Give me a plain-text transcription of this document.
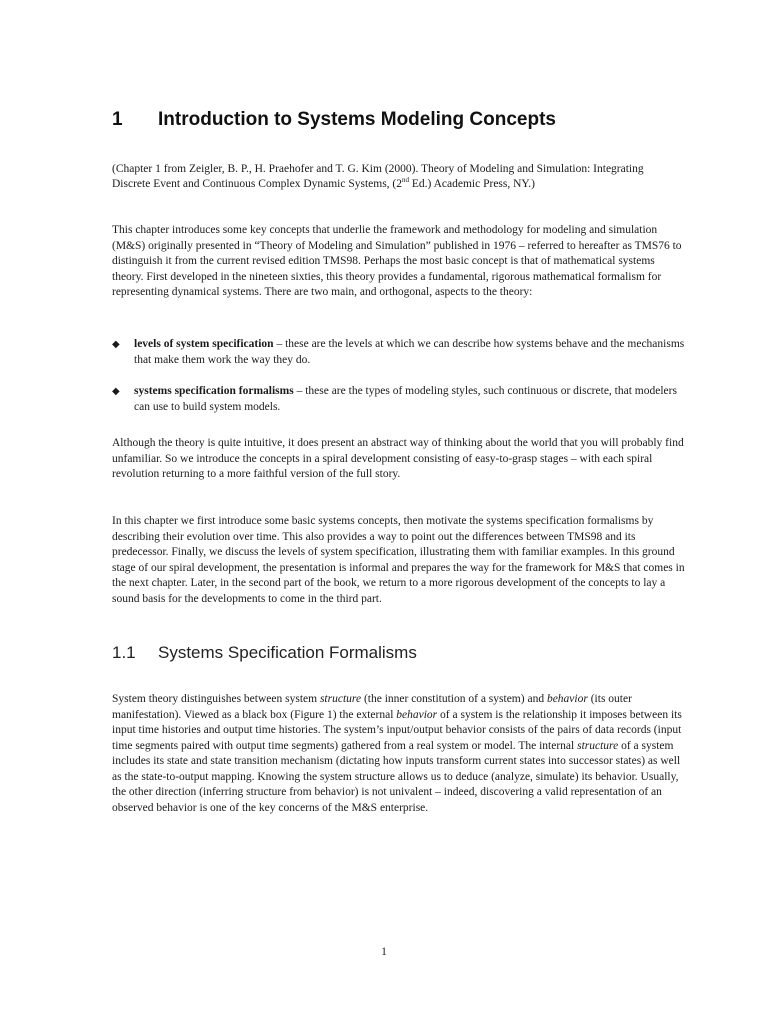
1 Introduction to Systems Modeling Concepts
(Chapter 1 from Zeigler, B. P., H. Praehofer and T. G. Kim (2000). Theory of Modeling and Simulation: Integrating Discrete Event and Continuous Complex Dynamic Systems, (2nd Ed.) Academic Press, NY.)
This chapter introduces some key concepts that underlie the framework and methodology for modeling and simulation (M&S) originally presented in “Theory of Modeling and Simulation” published in 1976 – referred to hereafter as TMS76 to distinguish it from the current revised edition TMS98. Perhaps the most basic concept is that of mathematical systems theory. First developed in the nineteen sixties, this theory provides a fundamental, rigorous mathematical formalism for representing dynamical systems. There are two main, and orthogonal, aspects to the theory:
◆	levels of system specification – these are the levels at which we can describe how systems behave and the mechanisms that make them work the way they do.
◆	systems specification formalisms – these are the types of modeling styles, such continuous or discrete, that modelers can use to build system models.
Although the theory is quite intuitive, it does present an abstract way of thinking about the world that you will probably find unfamiliar. So we introduce the concepts in a spiral development consisting of easy-to-grasp stages – with each spiral revolution returning to a more faithful version of the full story.
In this chapter we first introduce some basic systems concepts, then motivate the systems specification formalisms by describing their evolution over time. This also provides a way to point out the differences between TMS98 and its predecessor. Finally, we discuss the levels of system specification, illustrating them with familiar examples. In this ground stage of our spiral development, the presentation is informal and prepares the way for the framework for M&S that comes in the next chapter. Later, in the second part of the book, we return to a more rigorous development of the concepts to lay a sound basis for the developments to come in the third part.
1.1 Systems Specification Formalisms
System theory distinguishes between system structure (the inner constitution of a system) and behavior (its outer manifestation). Viewed as a black box (Figure 1) the external behavior of a system is the relationship it imposes between its input time histories and output time histories. The system’s input/output behavior consists of the pairs of data records (input time segments paired with output time segments) gathered from a real system or model. The internal structure of a system includes its state and state transition mechanism (dictating how inputs transform current states into successor states) as well as the state-to-output mapping. Knowing the system structure allows us to deduce (analyze, simulate) its behavior. Usually, the other direction (inferring structure from behavior) is not univalent – indeed, discovering a valid representation of an observed behavior is one of the key concerns of the M&S enterprise.
1
